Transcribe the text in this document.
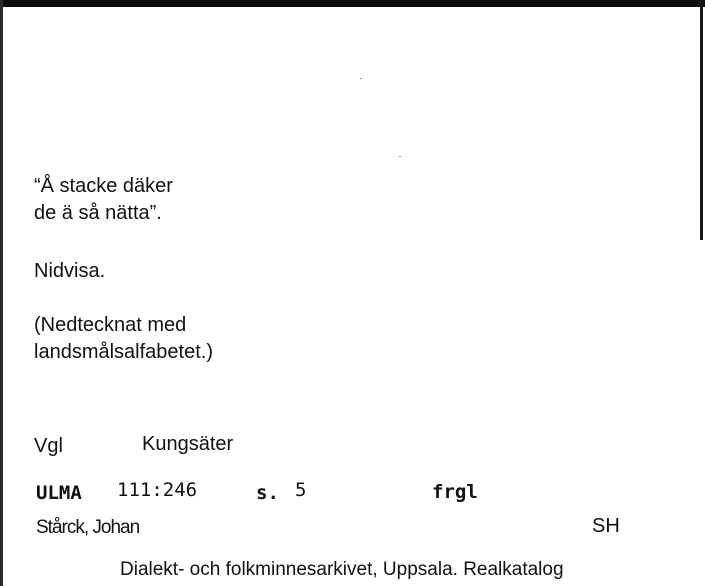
“Å stacke däker
de ä så nätta”.
Nidvisa.
(Nedtecknat med
landsmålsalfabetet.)
Vgl	Kungsäter
ULMA 111:246	s. 5	frgl
Stårck, Johan	SH
Dialekt- och folkminnesarkivet, Uppsala. Realkatalog
